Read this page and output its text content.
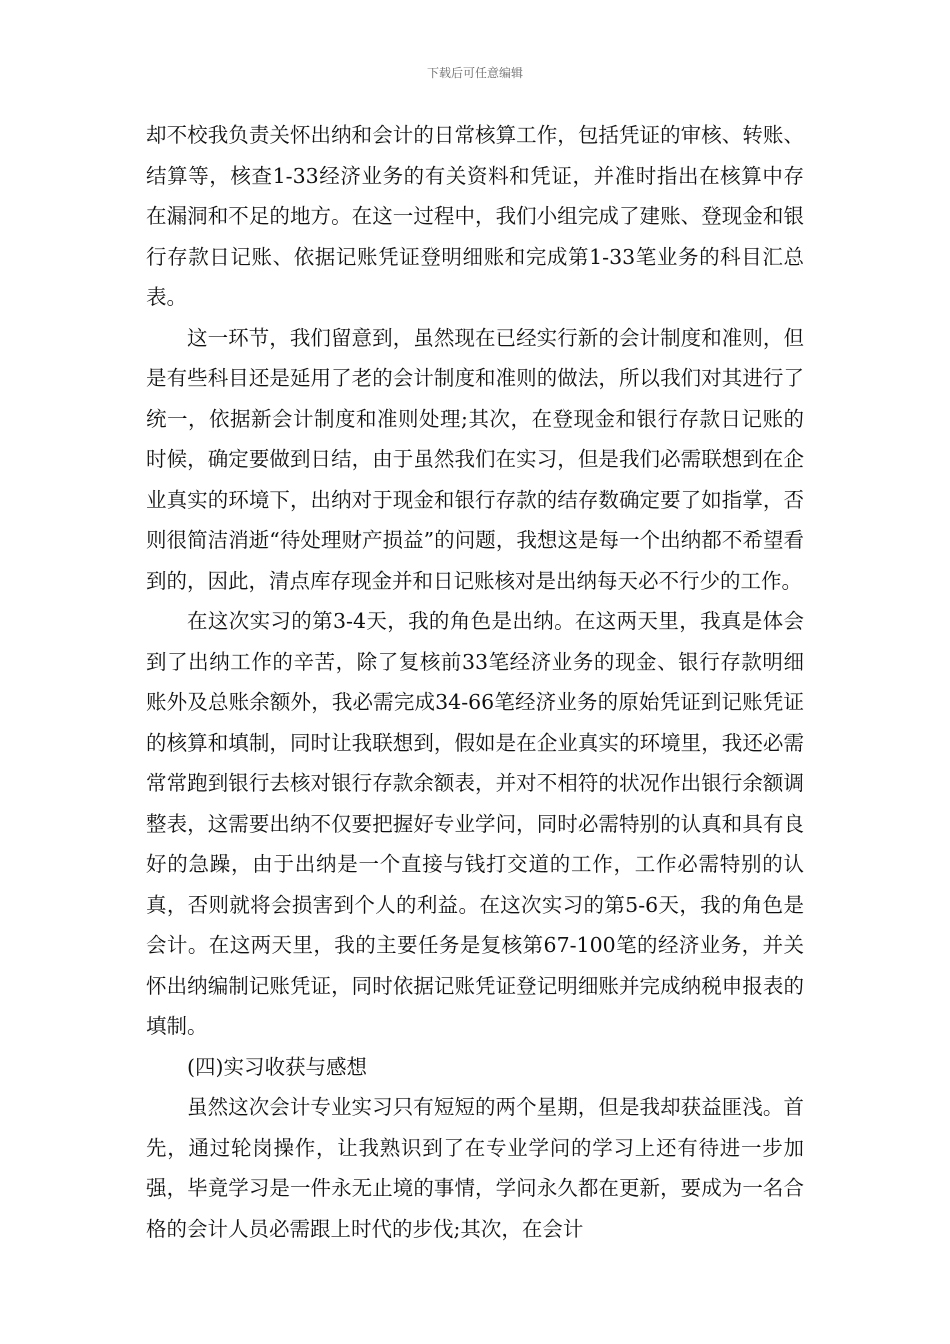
下载后可任意编辑

却不校我负责关怀出纳和会计的日常核算工作，包括凭证的审核、转账、结算等，核查1-33经济业务的有关资料和凭证，并准时指出在核算中存在漏洞和不足的地方。在这一过程中，我们小组完成了建账、登现金和银行存款日记账、依据记账凭证登明细账和完成第1-33笔业务的科目汇总表。

这一环节，我们留意到，虽然现在已经实行新的会计制度和准则，但是有些科目还是延用了老的会计制度和准则的做法，所以我们对其进行了统一，依据新会计制度和准则处理;其次，在登现金和银行存款日记账的时候，确定要做到日结，由于虽然我们在实习，但是我们必需联想到在企业真实的环境下，出纳对于现金和银行存款的结存数确定要了如指掌，否则很简洁消逝“待处理财产损益”的问题，我想这是每一个出纳都不希望看到的，因此，清点库存现金并和日记账核对是出纳每天必不行少的工作。

在这次实习的第3-4天，我的角色是出纳。在这两天里，我真是体会到了出纳工作的辛苦，除了复核前33笔经济业务的现金、银行存款明细账外及总账余额外，我必需完成34-66笔经济业务的原始凭证到记账凭证的核算和填制，同时让我联想到，假如是在企业真实的环境里，我还必需常常跑到银行去核对银行存款余额表，并对不相符的状况作出银行余额调整表，这需要出纳不仅要把握好专业学问，同时必需特别的认真和具有良好的急躁，由于出纳是一个直接与钱打交道的工作，工作必需特别的认真，否则就将会损害到个人的利益。在这次实习的第5-6天，我的角色是会计。在这两天里，我的主要任务是复核第67-100笔的经济业务，并关怀出纳编制记账凭证，同时依据记账凭证登记明细账并完成纳税申报表的填制。

(四)实习收获与感想

虽然这次会计专业实习只有短短的两个星期，但是我却获益匪浅。首先，通过轮岗操作，让我熟识到了在专业学问的学习上还有待进一步加强，毕竟学习是一件永无止境的事情，学问永久都在更新，要成为一名合格的会计人员必需跟上时代的步伐;其次，在会计
